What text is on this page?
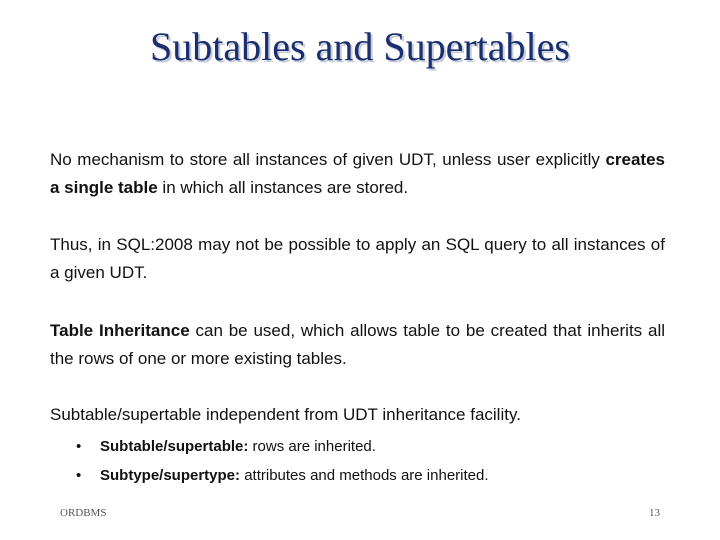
Subtables and Supertables
No mechanism to store all instances of given UDT, unless user explicitly creates a single table in which all instances are stored.
Thus, in SQL:2008 may not be possible to apply an SQL query to all instances of a given UDT.
Table Inheritance can be used, which allows table to be created that inherits all the rows of one or more existing tables.
Subtable/supertable independent from UDT inheritance facility.
• Subtable/supertable: rows are inherited.
• Subtype/supertype: attributes and methods are inherited.
ORDBMS	13
